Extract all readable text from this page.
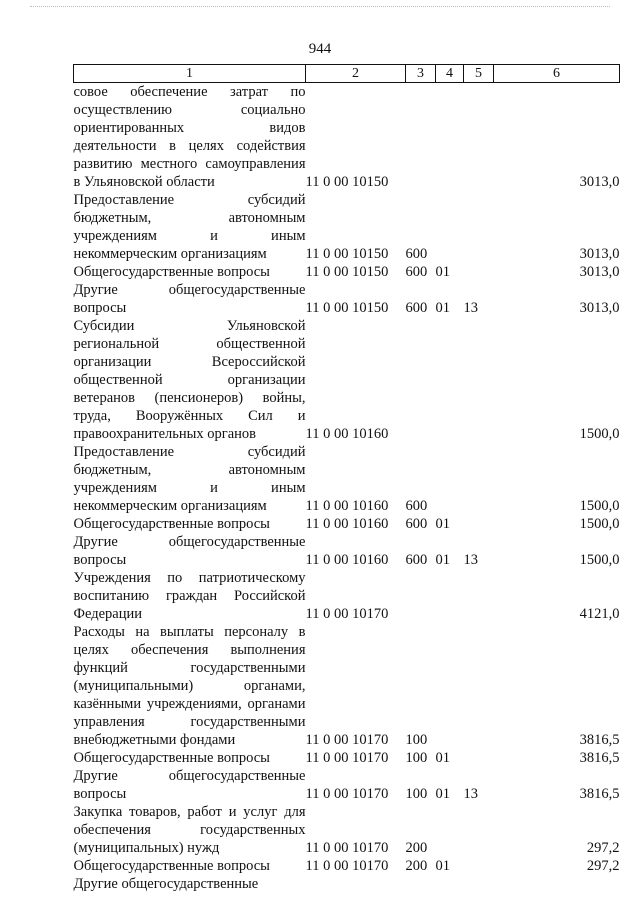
944
1	2	3	4	5	6
совое обеспечение затрат по осуществлению социально ориентированных видов деятельности в целях содействия развитию местного самоуправления в Ульяновской области	11 0 00 10150				3013,0
Предоставление субсидий бюджетным, автономным учреждениям и иным некоммерческим организациям	11 0 00 10150	600			3013,0
Общегосударственные вопросы	11 0 00 10150	600	01		3013,0
Другие общегосударственные вопросы	11 0 00 10150	600	01	13	3013,0
Субсидии Ульяновской региональной общественной организации Всероссийской общественной организации ветеранов (пенсионеров) войны, труда, Вооружённых Сил и правоохранительных органов	11 0 00 10160				1500,0
Предоставление субсидий бюджетным, автономным учреждениям и иным некоммерческим организациям	11 0 00 10160	600			1500,0
Общегосударственные вопросы	11 0 00 10160	600	01		1500,0
Другие общегосударственные вопросы	11 0 00 10160	600	01	13	1500,0
Учреждения по патриотическому воспитанию граждан Российской Федерации	11 0 00 10170				4121,0
Расходы на выплаты персоналу в целях обеспечения выполнения функций государственными (муниципальными) органами, казёнными учреждениями, органами управления государственными внебюджетными фондами	11 0 00 10170	100			3816,5
Общегосударственные вопросы	11 0 00 10170	100	01		3816,5
Другие общегосударственные вопросы	11 0 00 10170	100	01	13	3816,5
Закупка товаров, работ и услуг для обеспечения государственных (муниципальных) нужд	11 0 00 10170	200			297,2
Общегосударственные вопросы	11 0 00 10170	200	01		297,2
Другие общегосударственные					
